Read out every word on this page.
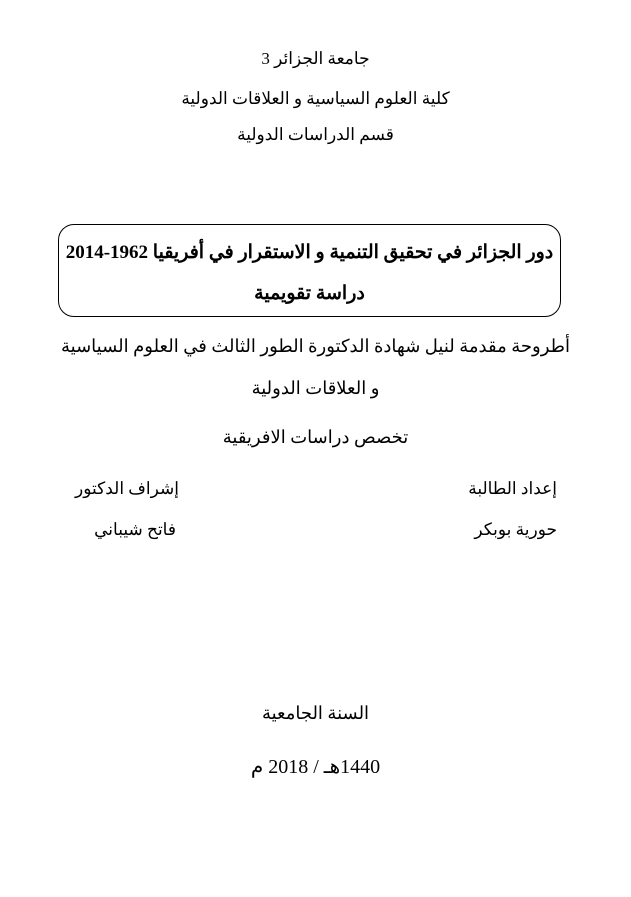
جامعة الجزائر 3
كلية العلوم السياسية و العلاقات الدولية
قسم الدراسات الدولية
دور الجزائر في تحقيق التنمية و الاستقرار في أفريقيا 1962-2014
دراسة تقويمية
أطروحة مقدمة لنيل شهادة الدكتورة الطور الثالث في العلوم السياسية
و العلاقات الدولية
تخصص دراسات الافريقية
إعداد الطالبة
حورية بوبكر
إشراف الدكتور
فاتح شيباني
السنة الجامعية
1440هـ / 2018 م
